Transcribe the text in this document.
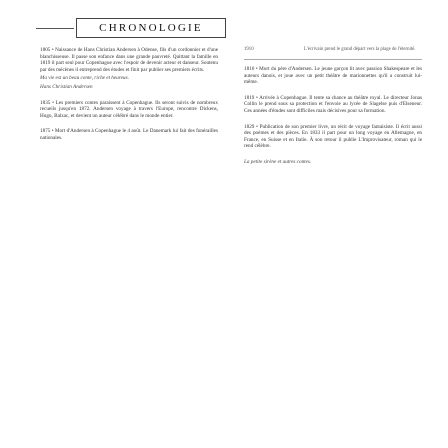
CHRONOLOGIE
1805 • Naissance de Hans Christian Andersen à Odense, fils d'un cordonnier et d'une blanchisseuse. Il passe son enfance dans une grande pauvreté. Quittant la famille en 1819 il part seul pour Copenhague avec l'espoir de devenir acteur et danseur. Soutenu par des mécènes il entreprend des études et finit par publier ses premiers écrits.
Ma vie est un beau conte, riche et heureux.
Hans Christian Andersen
1835 • Les premiers contes paraissent à Copenhague. Ils seront suivis de nombreux recueils jusqu'en 1872. Andersen voyage à travers l'Europe, rencontre Dickens, Hugo, Balzac, et devient un auteur célébré dans le monde entier.
1875 • Mort d'Andersen à Copenhague le 4 août. Le Danemark lui fait des funérailles nationales.
1910	L'écrivain prend le grand départ vers la plage de l'éternité.
1816 • Mort du père d'Andersen. Le jeune garçon lit avec passion Shakespeare et les auteurs danois, et joue avec un petit théâtre de marionnettes qu'il a construit lui-même.
1819 • Arrivée à Copenhague. Il tente sa chance au théâtre royal. Le directeur Jonas Collin le prend sous sa protection et l'envoie au lycée de Slagelse puis d'Elseneur. Ces années d'études sont difficiles mais décisives pour sa formation.
1829 • Publication de son premier livre, un récit de voyage fantaisiste. Il écrit aussi des poèmes et des pièces. En 1833 il part pour un long voyage en Allemagne, en France, en Suisse et en Italie. À son retour il publie L'Improvisateur, roman qui le rend célèbre.
La petite sirène et autres contes.
